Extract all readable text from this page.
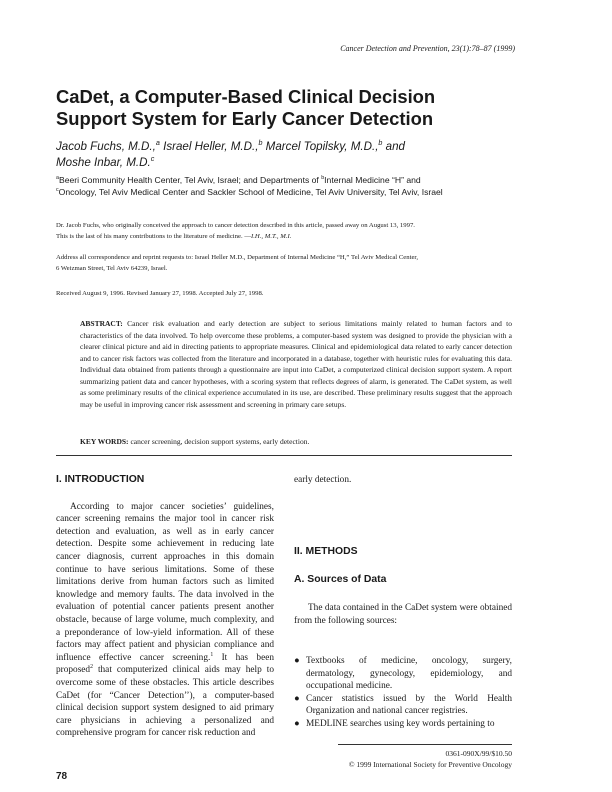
Cancer Detection and Prevention, 23(1):78–87 (1999)
CaDet, a Computer-Based Clinical Decision
Support System for Early Cancer Detection
Jacob Fuchs, M.D.,$^a$ Israel Heller, M.D.,$^b$ Marcel Topilsky, M.D.,$^b$ and
Moshe Inbar, M.D.$^c$
$^a$Beeri Community Health Center, Tel Aviv, Israel; and Departments of $^b$Internal Medicine “H” and
$^c$Oncology, Tel Aviv Medical Center and Sackler School of Medicine, Tel Aviv University, Tel Aviv, Israel
Dr. Jacob Fuchs, who originally conceived the approach to cancer detection described in this article, passed away on August 13, 1997.
This is the last of his many contributions to the literature of medicine. —I.H., M.T., M.I.
Address all correspondence and reprint requests to: Israel Heller M.D., Department of Internal Medicine “H,” Tel Aviv Medical Center,
6 Weizman Street, Tel Aviv 64239, Israel.
Received August 9, 1996. Revised January 27, 1998. Accepted July 27, 1998.
ABSTRACT: Cancer risk evaluation and early detection are subject to serious limitations mainly related to human factors and to characteristics of the data involved. To help overcome these problems, a computer-based system was designed to provide the physician with a clearer clinical picture and aid in directing patients to appropriate measures. Clinical and epidemiological data related to early cancer detection and to cancer risk factors was collected from the literature and incorporated in a database, together with heuristic rules for evaluating this data. Individual data obtained from patients through a questionnaire are input into CaDet, a computerized clinical decision support system. A report summarizing patient data and cancer hypotheses, with a scoring system that reflects degrees of alarm, is generated. The CaDet system, as well as some preliminary results of the clinical experience accumulated in its use, are described. These preliminary results suggest that the approach may be useful in improving cancer risk assessment and screening in primary care setups.
KEY WORDS: cancer screening, decision support systems, early detection.
I. INTRODUCTION

According to major cancer societies’ guidelines, cancer screening remains the major tool in cancer risk detection and evaluation, as well as in early cancer detection. Despite some achievement in reducing late cancer diagnosis, current approaches in this domain continue to have serious limitations. Some of these limitations derive from human factors such as limited knowledge and memory faults. The data involved in the evaluation of potential cancer patients present another obstacle, because of large volume, much complexity, and a preponderance of low-yield information. All of these factors may affect patient and physician compliance and influence effective cancer screening.$^1$ It has been proposed$^2$ that computerized clinical aids may help to overcome some of these obstacles. This article describes CaDet (for “Cancer Detection’’), a computer-based clinical decision support system designed to aid primary care physicians in achieving a personalized and comprehensive program for cancer risk reduction and

● Textbooks of medicine, oncology, surgery, dermatology, gynecology, epidemiology, and occupational medicine.
● Cancer statistics issued by the World Health Organization and national cancer registries.
● MEDLINE searches using key words pertaining to
II. METHODS
A. Sources of Data
The data contained in the CaDet system were obtained from the following sources:
0361-090X/99/$10.50
© 1999 International Society for Preventive Oncology
78
early detection.
